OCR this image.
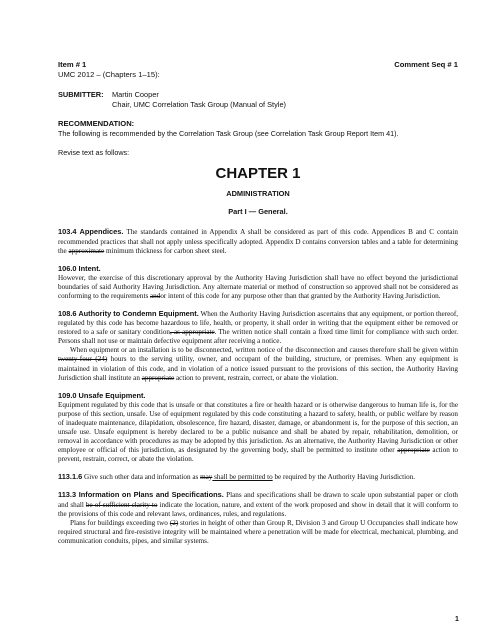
Item # 1	Comment Seq # 1
UMC 2012 – (Chapters 1–15):
SUBMITTER:	Martin Cooper
Chair, UMC Correlation Task Group (Manual of Style)
RECOMMENDATION:
The following is recommended by the Correlation Task Group (see Correlation Task Group Report Item 41).
Revise text as follows:
CHAPTER 1
ADMINISTRATION
Part I — General.
103.4 Appendices. The standards contained in Appendix A shall be considered as part of this code. Appendices B and C contain recommended practices that shall not apply unless specifically adopted. Appendix D contains conversion tables and a table for determining the approximate minimum thickness for carbon sheet steel.
106.0 Intent.
However, the exercise of this discretionary approval by the Authority Having Jurisdiction shall have no effect beyond the jurisdictional boundaries of said Authority Having Jurisdiction. Any alternate material or method of construction so approved shall not be considered as conforming to the requirements andor intent of this code for any purpose other than that granted by the Authority Having Jurisdiction.
108.6 Authority to Condemn Equipment. When the Authority Having Jurisdiction ascertains that any equipment, or portion thereof, regulated by this code has become hazardous to life, health, or property, it shall order in writing that the equipment either be removed or restored to a safe or sanitary condition, as appropriate. The written notice shall contain a fixed time limit for compliance with such order. Persons shall not use or maintain defective equipment after receiving a notice.
When equipment or an installation is to be disconnected, written notice of the disconnection and causes therefore shall be given within twenty-four (24) hours to the serving utility, owner, and occupant of the building, structure, or premises. When any equipment is maintained in violation of this code, and in violation of a notice issued pursuant to the provisions of this section, the Authority Having Jurisdiction shall institute an appropriate action to prevent, restrain, correct, or abate the violation.
109.0 Unsafe Equipment.
Equipment regulated by this code that is unsafe or that constitutes a fire or health hazard or is otherwise dangerous to human life is, for the purpose of this section, unsafe. Use of equipment regulated by this code constituting a hazard to safety, health, or public welfare by reason of inadequate maintenance, dilapidation, obsolescence, fire hazard, disaster, damage, or abandonment is, for the purpose of this section, an unsafe use. Unsafe equipment is hereby declared to be a public nuisance and shall be abated by repair, rehabilitation, demolition, or removal in accordance with procedures as may be adopted by this jurisdiction. As an alternative, the Authority Having Jurisdiction or other employee or official of this jurisdiction, as designated by the governing body, shall be permitted to institute other appropriate action to prevent, restrain, correct, or abate the violation.
113.1.6 Give such other data and information as may shall be permitted to be required by the Authority Having Jurisdiction.
113.3 Information on Plans and Specifications. Plans and specifications shall be drawn to scale upon substantial paper or cloth and shall be of sufficient clarity to indicate the location, nature, and extent of the work proposed and show in detail that it will conform to the provisions of this code and relevant laws, ordinances, rules, and regulations.
Plans for buildings exceeding two (2) stories in height of other than Group R, Division 3 and Group U Occupancies shall indicate how required structural and fire-resistive integrity will be maintained where a penetration will be made for electrical, mechanical, plumbing, and communication conduits, pipes, and similar systems.
1
